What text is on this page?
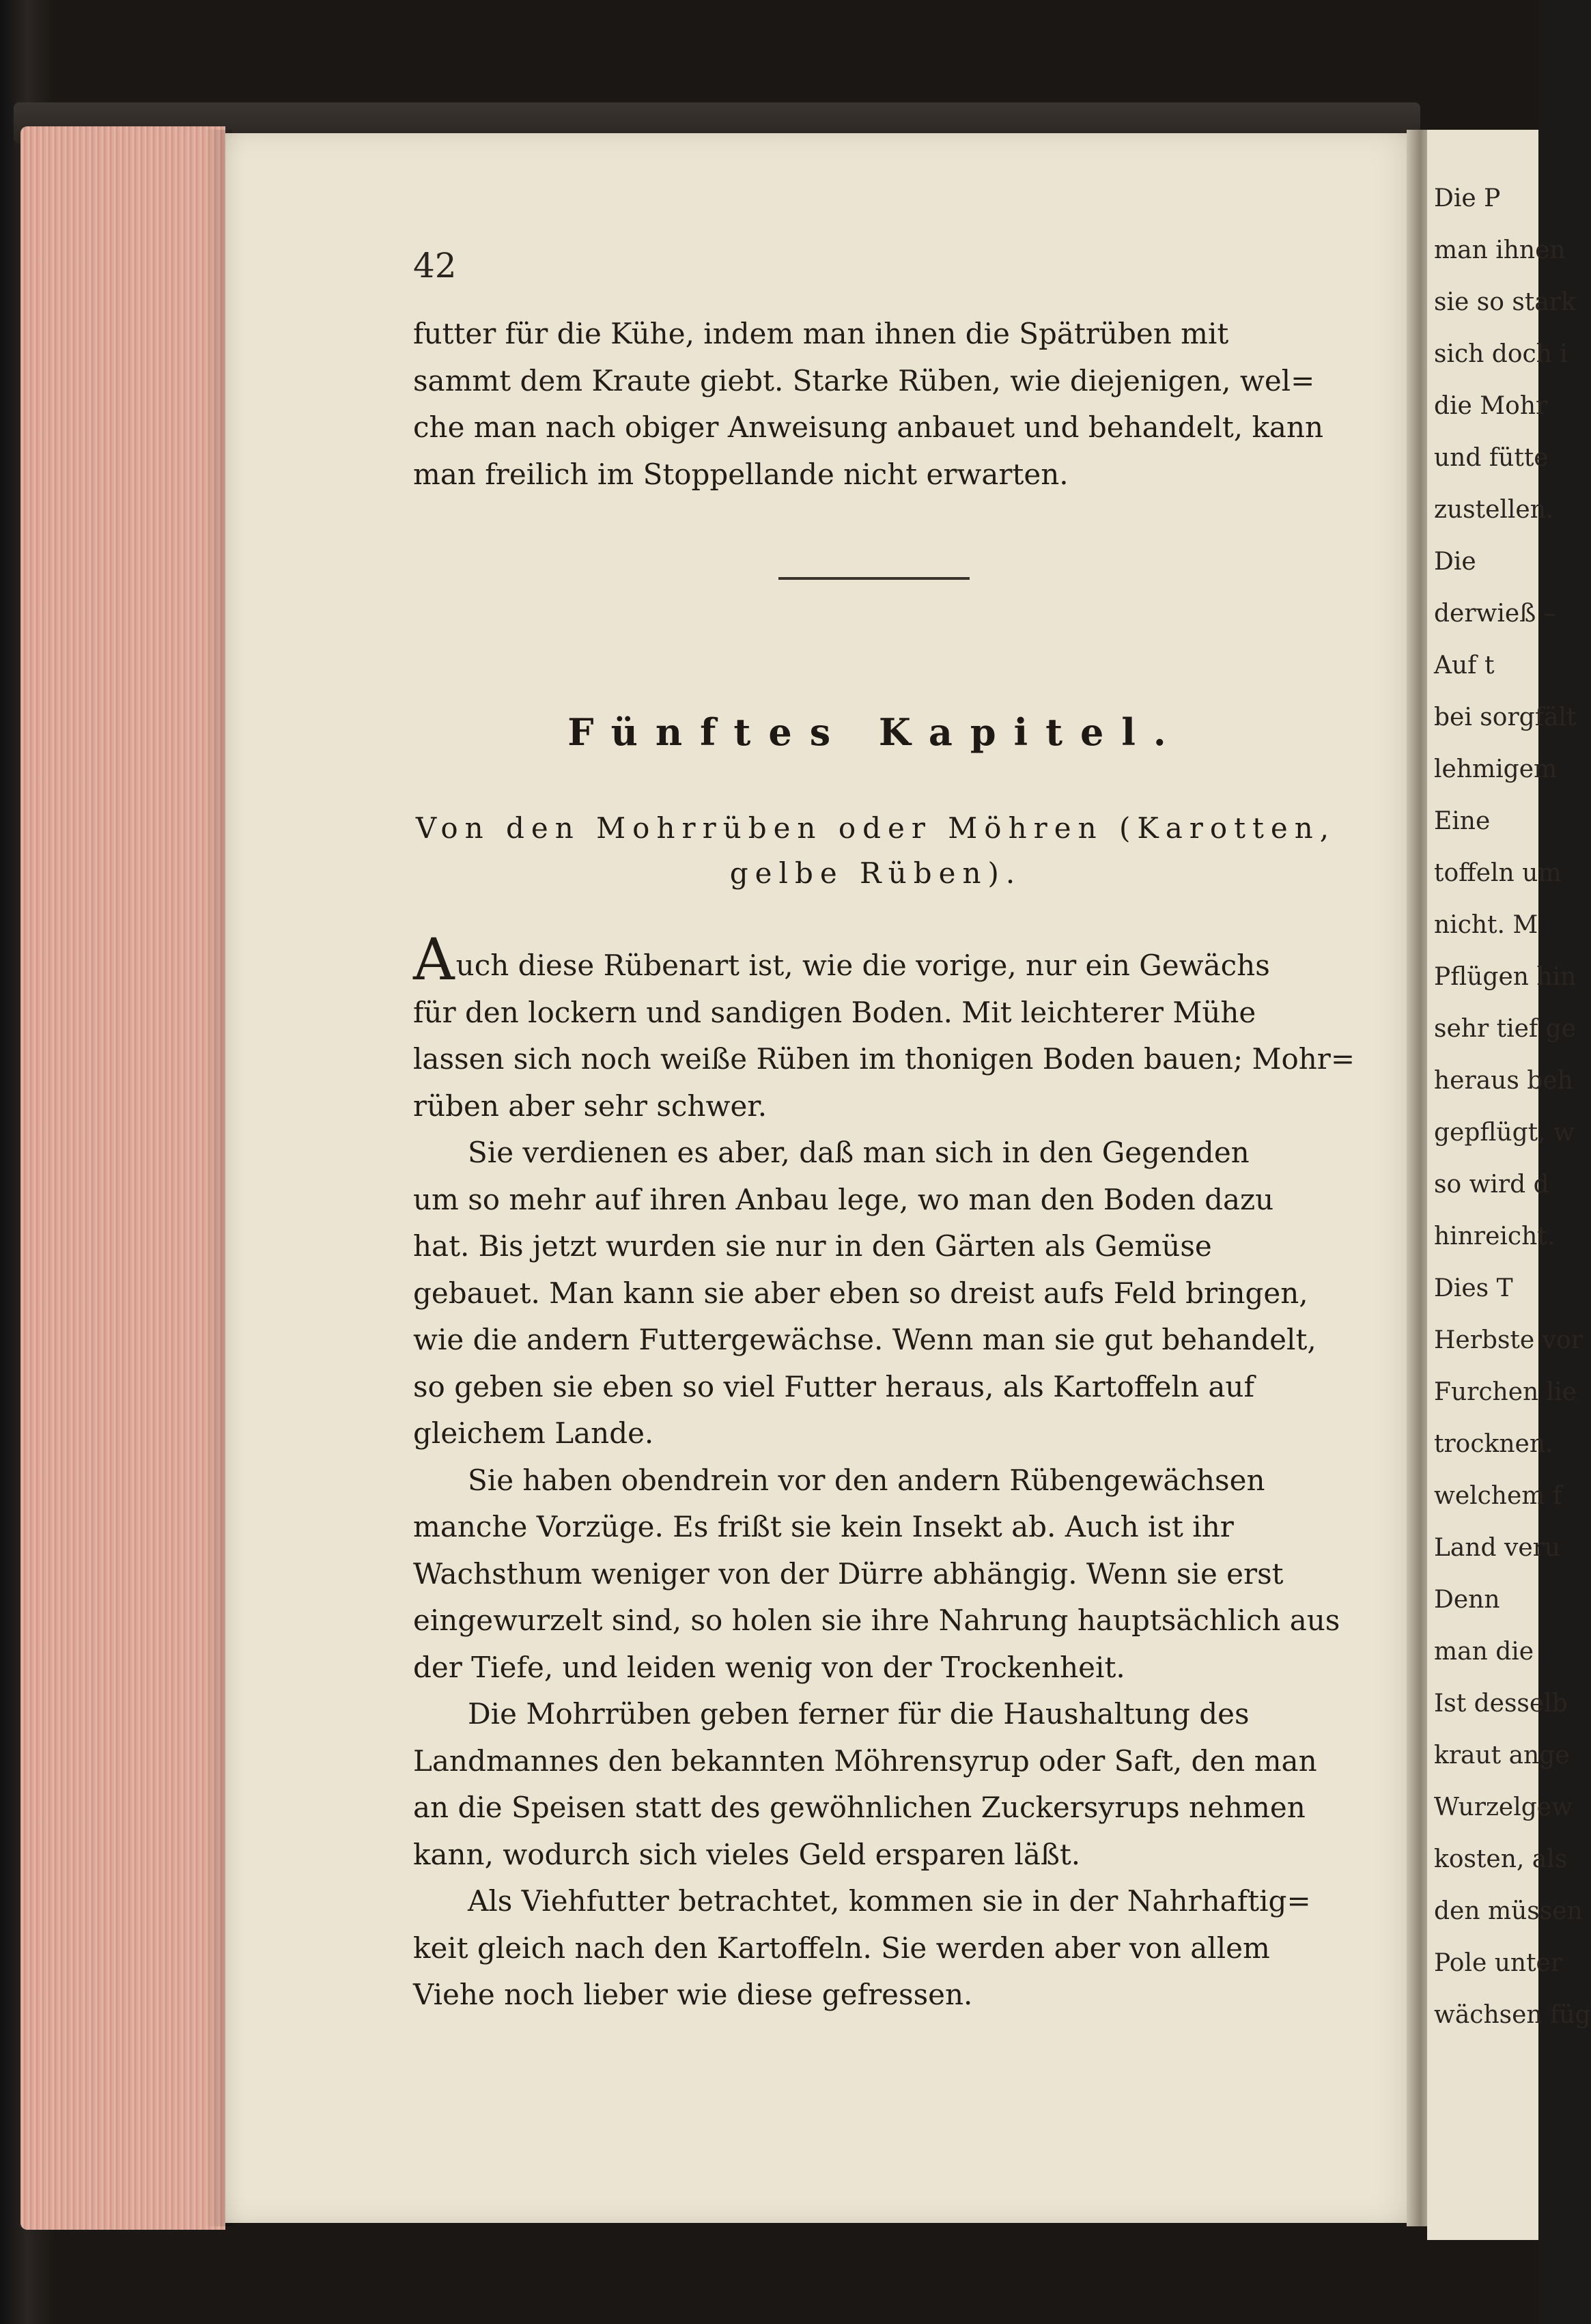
Die P
man ihnen
sie so stark
sich doch i
die Mohr
und fütte
zustellen.
Die
derwieß –
Auf t
bei sorgfält
lehmigem
Eine
toffeln um
nicht. M
Pflügen hin
sehr tief ge
heraus beh
gepflügt, w
so wird d
hinreicht.
Dies T
Herbste vor
Furchen lie
trocknen.
welchem f
Land veru
Denn
man die
Ist desselb
kraut ange
Wurzelgew
kosten, als
den müssen
Pole unter
wächsen füg
42
futter für die Kühe, indem man ihnen die Spätrüben mit
sammt dem Kraute giebt. Starke Rüben, wie diejenigen, wel=
che man nach obiger Anweisung anbauet und behandelt, kann
man freilich im Stoppellande nicht erwarten.
Fünftes Kapitel.
Von den Mohrrüben oder Möhren (Karotten,
gelbe Rüben).
Auch diese Rübenart ist, wie die vorige, nur ein Gewächs
für den lockern und sandigen Boden. Mit leichterer Mühe
lassen sich noch weiße Rüben im thonigen Boden bauen; Mohr=
rüben aber sehr schwer.
Sie verdienen es aber, daß man sich in den Gegenden
um so mehr auf ihren Anbau lege, wo man den Boden dazu
hat. Bis jetzt wurden sie nur in den Gärten als Gemüse
gebauet. Man kann sie aber eben so dreist aufs Feld bringen,
wie die andern Futtergewächse. Wenn man sie gut behandelt,
so geben sie eben so viel Futter heraus, als Kartoffeln auf
gleichem Lande.
Sie haben obendrein vor den andern Rübengewächsen
manche Vorzüge. Es frißt sie kein Insekt ab. Auch ist ihr
Wachsthum weniger von der Dürre abhängig. Wenn sie erst
eingewurzelt sind, so holen sie ihre Nahrung hauptsächlich aus
der Tiefe, und leiden wenig von der Trockenheit.
Die Mohrrüben geben ferner für die Haushaltung des
Landmannes den bekannten Möhrensyrup oder Saft, den man
an die Speisen statt des gewöhnlichen Zuckersyrups nehmen
kann, wodurch sich vieles Geld ersparen läßt.
Als Viehfutter betrachtet, kommen sie in der Nahrhaftig=
keit gleich nach den Kartoffeln. Sie werden aber von allem
Viehe noch lieber wie diese gefressen.
